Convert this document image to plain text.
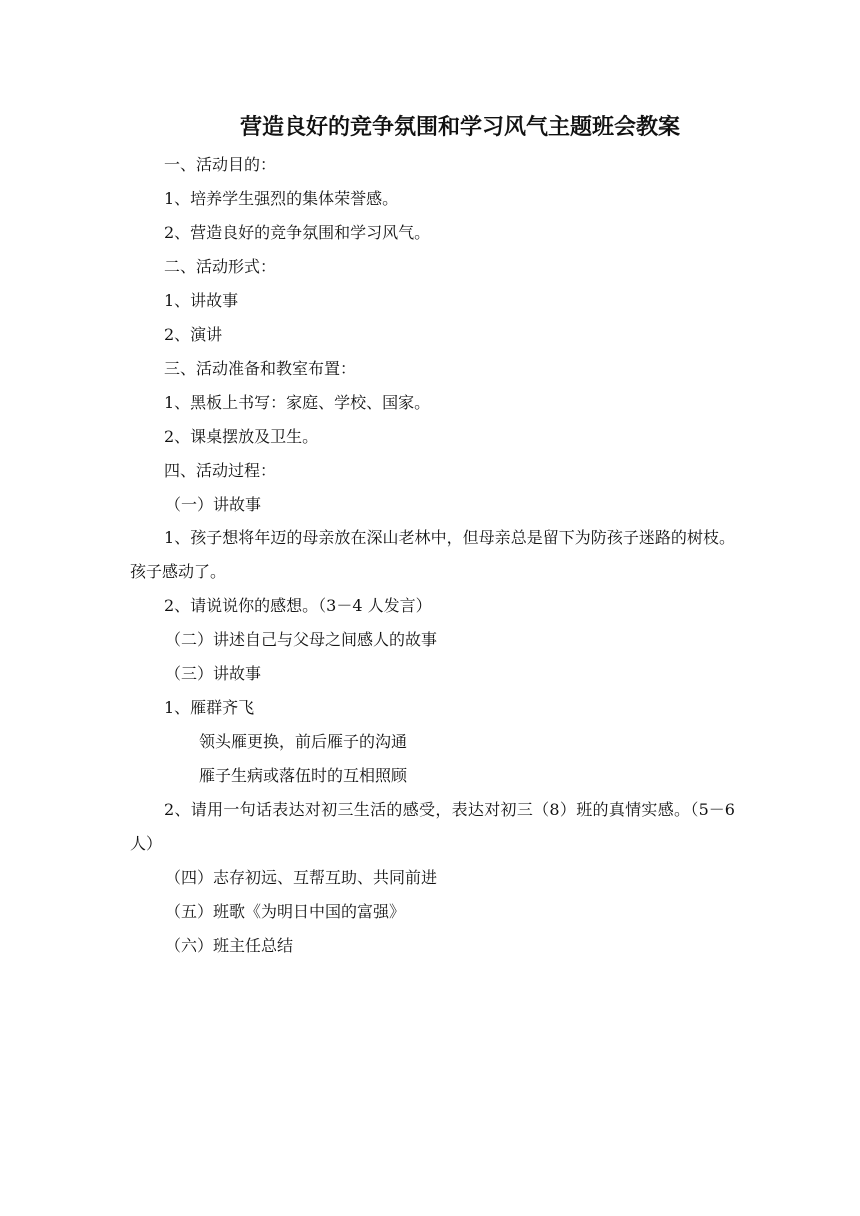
营造良好的竞争氛围和学习风气主题班会教案
一、活动目的：
1、培养学生强烈的集体荣誉感。
2、营造良好的竞争氛围和学习风气。
二、活动形式：
1、讲故事
2、演讲
三、活动准备和教室布置：
1、黑板上书写：家庭、学校、国家。
2、课桌摆放及卫生。
四、活动过程：
（一）讲故事
1、孩子想将年迈的母亲放在深山老林中，但母亲总是留下为防孩子迷路的树枝。孩子感动了。
2、请说说你的感想。（3－4 人发言）
（二）讲述自己与父母之间感人的故事
（三）讲故事
1、雁群齐飞
领头雁更换，前后雁子的沟通
雁子生病或落伍时的互相照顾
2、请用一句话表达对初三生活的感受，表达对初三（8）班的真情实感。（5－6 人）
（四）志存初远、互帮互助、共同前进
（五）班歌《为明日中国的富强》
（六）班主任总结
